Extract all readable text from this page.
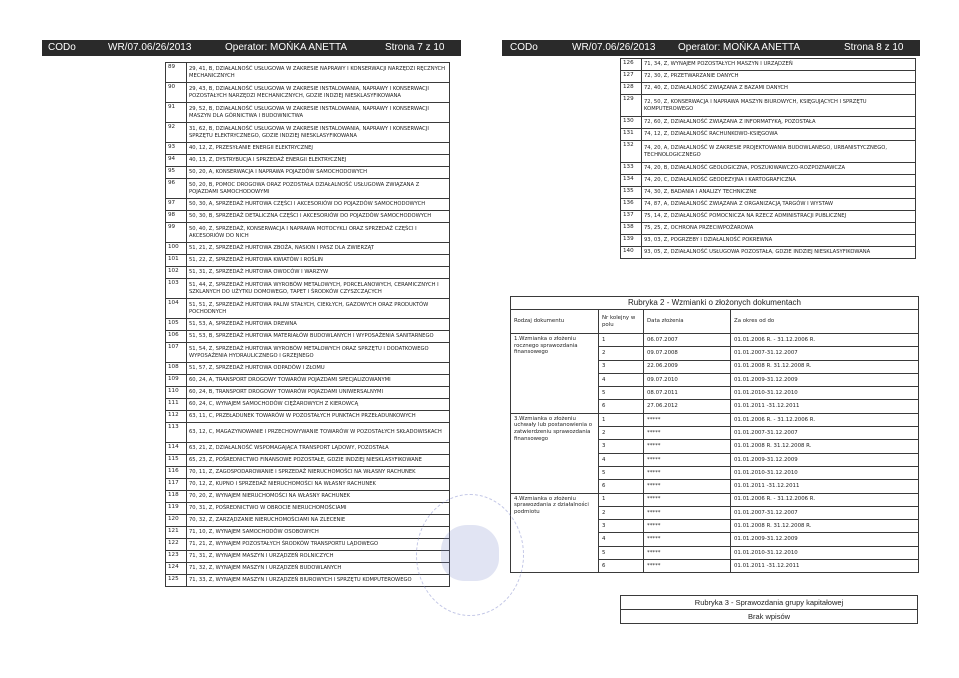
CODo	WR/07.06/26/2013	Operator: MOŃKA ANETTA	Strona 7 z 10	CODo	WR/07.06/26/2013 Operator: MOŃKA ANETTA	Strona 8 z 10
89	29, 41, B, DZIAŁALNOŚĆ USŁUGOWA W ZAKRESIE NAPRAWY I KONSERWACJI NARZĘDZI RĘCZNYCH MECHANICZNYCH
90	29, 43, B, DZIAŁALNOŚĆ USŁUGOWA W ZAKRESIE INSTALOWANIA, NAPRAWY I KONSERWACJI POZOSTAŁYCH NARZĘDZI MECHANICZNYCH, GDZIE INDZIEJ NIESKLASYFIKOWANA
91	29, 52, B, DZIAŁALNOŚĆ USŁUGOWA W ZAKRESIE INSTALOWANIA, NAPRAWY I KONSERWACJI MASZYN DLA GÓRNICTWA I BUDOWNICTWA
92	31, 62, B, DZIAŁALNOŚĆ USŁUGOWA W ZAKRESIE INSTALOWANIA, NAPRAWY I KONSERWACJI SPRZĘTU ELEKTRYCZNEGO, GDZIE INDZIEJ NIESKLASYFIKOWANA
93	40, 12, Z, PRZESYŁANIE ENERGII ELEKTRYCZNEJ
94	40, 13, Z, DYSTRYBUCJA I SPRZEDAŻ ENERGII ELEKTRYCZNEJ
95	50, 20, A, KONSERWACJA I NAPRAWA POJAZDÓW SAMOCHODOWYCH
96	50, 20, B, POMOC DROGOWA ORAZ POZOSTAŁA DZIAŁALNOŚĆ USŁUGOWA ZWIĄZANA Z POJAZDAMI SAMOCHODOWYMI
97	50, 30, A, SPRZEDAŻ HURTOWA CZĘŚCI I AKCESORIÓW DO POJAZDÓW SAMOCHODOWYCH
98	50, 30, B, SPRZEDAŻ DETALICZNA CZĘŚCI I AKCESORIÓW DO POJAZDÓW SAMOCHODOWYCH
99	50, 40, Z, SPRZEDAŻ, KONSERWACJA I NAPRAWA MOTOCYKLI ORAZ SPRZEDAŻ CZĘŚCI I AKCESORIÓW DO NICH
100	51, 21, Z, SPRZEDAŻ HURTOWA ZBOŻA, NASION I PASZ DLA ZWIERZĄT
101	51, 22, Z, SPRZEDAŻ HURTOWA KWIATÓW I ROŚLIN
102	51, 31, Z, SPRZEDAŻ HURTOWA OWOCÓW I WARZYW
103	51, 44, Z, SPRZEDAŻ HURTOWA WYROBÓW METALOWYCH, PORCELANOWYCH, CERAMICZNYCH I SZKLANYCH DO UŻYTKU DOMOWEGO, TAPET I ŚRODKÓW CZYSZCZĄCYCH
104	51, 51, Z, SPRZEDAŻ HURTOWA PALIW STAŁYCH, CIEKŁYCH, GAZOWYCH ORAZ PRODUKTÓW POCHODNYCH
105	51, 53, A, SPRZEDAŻ HURTOWA DREWNA
106	51, 53, B, SPRZEDAŻ HURTOWA MATERIAŁÓW BUDOWLANYCH I WYPOSAŻENIA SANITARNEGO
107	51, 54, Z, SPRZEDAŻ HURTOWA WYROBÓW METALOWYCH ORAZ SPRZĘTU I DODATKOWEGO WYPOSAŻENIA HYDRAULICZNEGO I GRZEJNEGO
108	51, 57, Z, SPRZEDAŻ HURTOWA ODPADÓW I ZŁOMU
109	60, 24, A, TRANSPORT DROGOWY TOWARÓW POJAZDAMI SPECJALIZOWANYMI
110	60, 24, B, TRANSPORT DROGOWY TOWARÓW POJAZDAMI UNIWERSALNYMI
111	60, 24, C, WYNAJEM SAMOCHODÓW CIĘŻAROWYCH Z KIEROWCĄ
112	63, 11, C, PRZEŁADUNEK TOWARÓW W POZOSTAŁYCH PUNKTACH PRZEŁADUNKOWYCH
113	63, 12, C, MAGAZYNOWANIE I PRZECHOWYWANIE TOWARÓW W POZOSTAŁYCH SKŁADOWISKACH
114	63, 21, Z, DZIAŁALNOŚĆ WSPOMAGAJĄCA TRANSPORT LĄDOWY, POZOSTAŁA
115	65, 23, Z, POŚREDNICTWO FINANSOWE POZOSTAŁE, GDZIE INDZIEJ NIESKLASYFIKOWANE
116	70, 11, Z, ZAGOSPODAROWANIE I SPRZEDAŻ NIERUCHOMOŚCI NA WŁASNY RACHUNEK
117	70, 12, Z, KUPNO I SPRZEDAŻ NIERUCHOMOŚCI NA WŁASNY RACHUNEK
118	70, 20, Z, WYNAJEM NIERUCHOMOŚCI NA WŁASNY RACHUNEK
119	70, 31, Z, POŚREDNICTWO W OBROCIE NIERUCHOMOŚCIAMI
120	70, 32, Z, ZARZĄDZANIE NIERUCHOMOŚCIAMI NA ZLECENIE
121	71, 10, Z, WYNAJEM SAMOCHODÓW OSOBOWYCH
122	71, 21, Z, WYNAJEM POZOSTAŁYCH ŚRODKÓW TRANSPORTU LĄDOWEGO
123	71, 31, Z, WYNAJEM MASZYN I URZĄDZEŃ ROLNICZYCH
124	71, 32, Z, WYNAJEM MASZYN I URZĄDZEŃ BUDOWLANYCH
125	71, 33, Z, WYNAJEM MASZYN I URZĄDZEŃ BIUROWYCH I SPRZĘTU KOMPUTEROWEGO
126	71, 34, Z, WYNAJEM POZOSTAŁYCH MASZYN I URZĄDZEŃ
127	72, 30, Z, PRZETWARZANIE DANYCH
128	72, 40, Z, DZIAŁALNOŚĆ ZWIĄZANA Z BAZAMI DANYCH
129	72, 50, Z, KONSERWACJA I NAPRAWA MASZYN BIUROWYCH, KSIĘGUJĄCYCH I SPRZĘTU KOMPUTEROWEGO
130	72, 60, Z, DZIAŁALNOŚĆ ZWIĄZANA Z INFORMATYKĄ, POZOSTAŁA
131	74, 12, Z, DZIAŁALNOŚĆ RACHUNKOWO-KSIĘGOWA
132	74, 20, A, DZIAŁALNOŚĆ W ZAKRESIE PROJEKTOWANIA BUDOWLANEGO, URBANISTYCZNEGO, TECHNOLOGICZNEGO
133	74, 20, B, DZIAŁALNOŚĆ GEOLOGICZNA, POSZUKIWAWCZO-ROZPOZNAWCZA
134	74, 20, C, DZIAŁALNOŚĆ GEODEZYJNA I KARTOGRAFICZNA
135	74, 30, Z, BADANIA I ANALIZY TECHNICZNE
136	74, 87, A, DZIAŁALNOŚĆ ZWIĄZANA Z ORGANIZACJĄ TARGÓW I WYSTAW
137	75, 14, Z, DZIAŁALNOŚĆ POMOCNICZA NA RZECZ ADMINISTRACJI PUBLICZNEJ
138	75, 25, Z, OCHRONA PRZECIWPOŻAROWA
139	93, 03, Z, POGRZEBY I DZIAŁALNOŚĆ POKREWNA
140	93, 05, Z, DZIAŁALNOŚĆ USŁUGOWA POZOSTAŁA, GDZIE INDZIEJ NIESKLASYFIKOWANA
Rubryka 2 - Wzmianki o złożonych dokumentach			
Rodzaj dokumentu	Nr kolejny w polu	Data złożenia	Za okres od do
1.Wzmianka o złożeniu rocznego sprawozdania finansowego	1	06.07.2007	01.01.2006 R. - 31.12.2006 R.
	2	09.07.2008	01.01.2007-31.12.2007
	3	22.06.2009	01.01.2008 R. 31.12.2008 R.
	4	09.07.2010	01.01.2009-31.12.2009
	5	08.07.2011	01.01.2010-31.12.2010
	6	27.06.2012	01.01.2011 -31.12.2011
3.Wzmianka o złożeniu uchwały lub postanowienia o zatwierdzeniu sprawozdania finansowego	1	*****	01.01.2006 R. - 31.12.2006 R.
	2	*****	01.01.2007-31.12.2007
	3	*****	01.01.2008 R. 31.12.2008 R.
	4	*****	01.01.2009-31.12.2009
	5	*****	01.01.2010-31.12.2010
	6	*****	01.01.2011 -31.12.2011
4.Wzmianka o złożeniu sprawozdania z działalności podmiotu	1	*****	01.01.2006 R. - 31.12.2006 R.
	2	*****	01.01.2007-31.12.2007
	3	*****	01.01.2008 R. 31.12.2008 R.
	4	*****	01.01.2009-31.12.2009
	5	*****	01.01.2010-31.12.2010
	6	*****	01.01.2011 -31.12.2011
Rubryka 3 - Sprawozdania grupy kapitałowej
Brak wpisów
